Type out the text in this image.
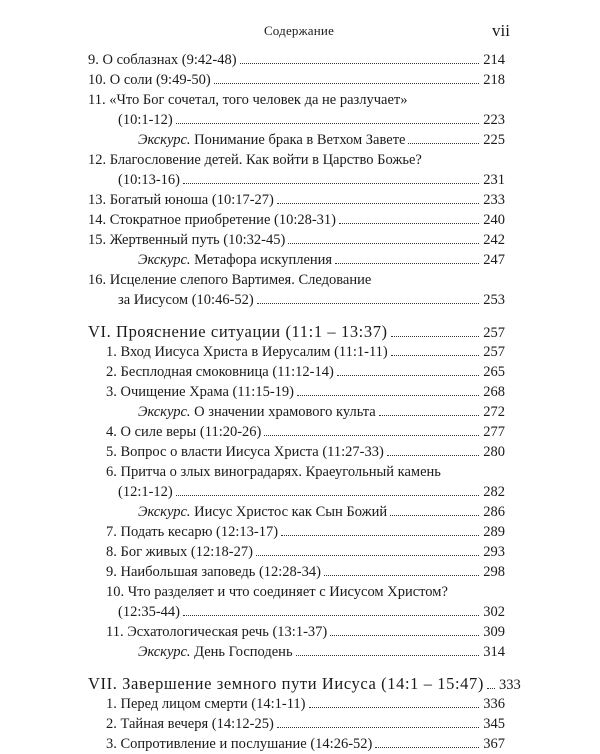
Содержание	vii
9. О соблазнах (9:42-48)	214
10. О соли (9:49-50)	218
11. «Что Бог сочетал, того человек да не разлучает»
(10:1-12)	223
Экскурс. Понимание брака в Ветхом Завете	225
12. Благословение детей. Как войти в Царство Божье?
(10:13-16)	231
13. Богатый юноша (10:17-27)	233
14. Стократное приобретение (10:28-31)	240
15. Жертвенный путь (10:32-45)	242
Экскурс. Метафора искупления	247
16. Исцеление слепого Вартимея. Следование
за Иисусом (10:46-52)	253
VI. Прояснение ситуации (11:1 – 13:37)	257
1. Вход Иисуса Христа в Иерусалим (11:1-11)	257
2. Бесплодная смоковница (11:12-14)	265
3. Очищение Храма (11:15-19)	268
Экскурс. О значении храмового культа	272
4. О силе веры (11:20-26)	277
5. Вопрос о власти Иисуса Христа (11:27-33)	280
6. Притча о злых виноградарях. Краеугольный камень
(12:1-12)	282
Экскурс. Иисус Христос как Сын Божий	286
7. Подать кесарю (12:13-17)	289
8. Бог живых (12:18-27)	293
9. Наибольшая заповедь (12:28-34)	298
10. Что разделяет и что соединяет с Иисусом Христом?
(12:35-44)	302
11. Эсхатологическая речь (13:1-37)	309
Экскурс. День Господень	314
VII. Завершение земного пути Иисуса (14:1 – 15:47) 333
1. Перед лицом смерти (14:1-11)	336
2. Тайная вечеря (14:12-25)	345
3. Сопротивление и послушание (14:26-52)	367
